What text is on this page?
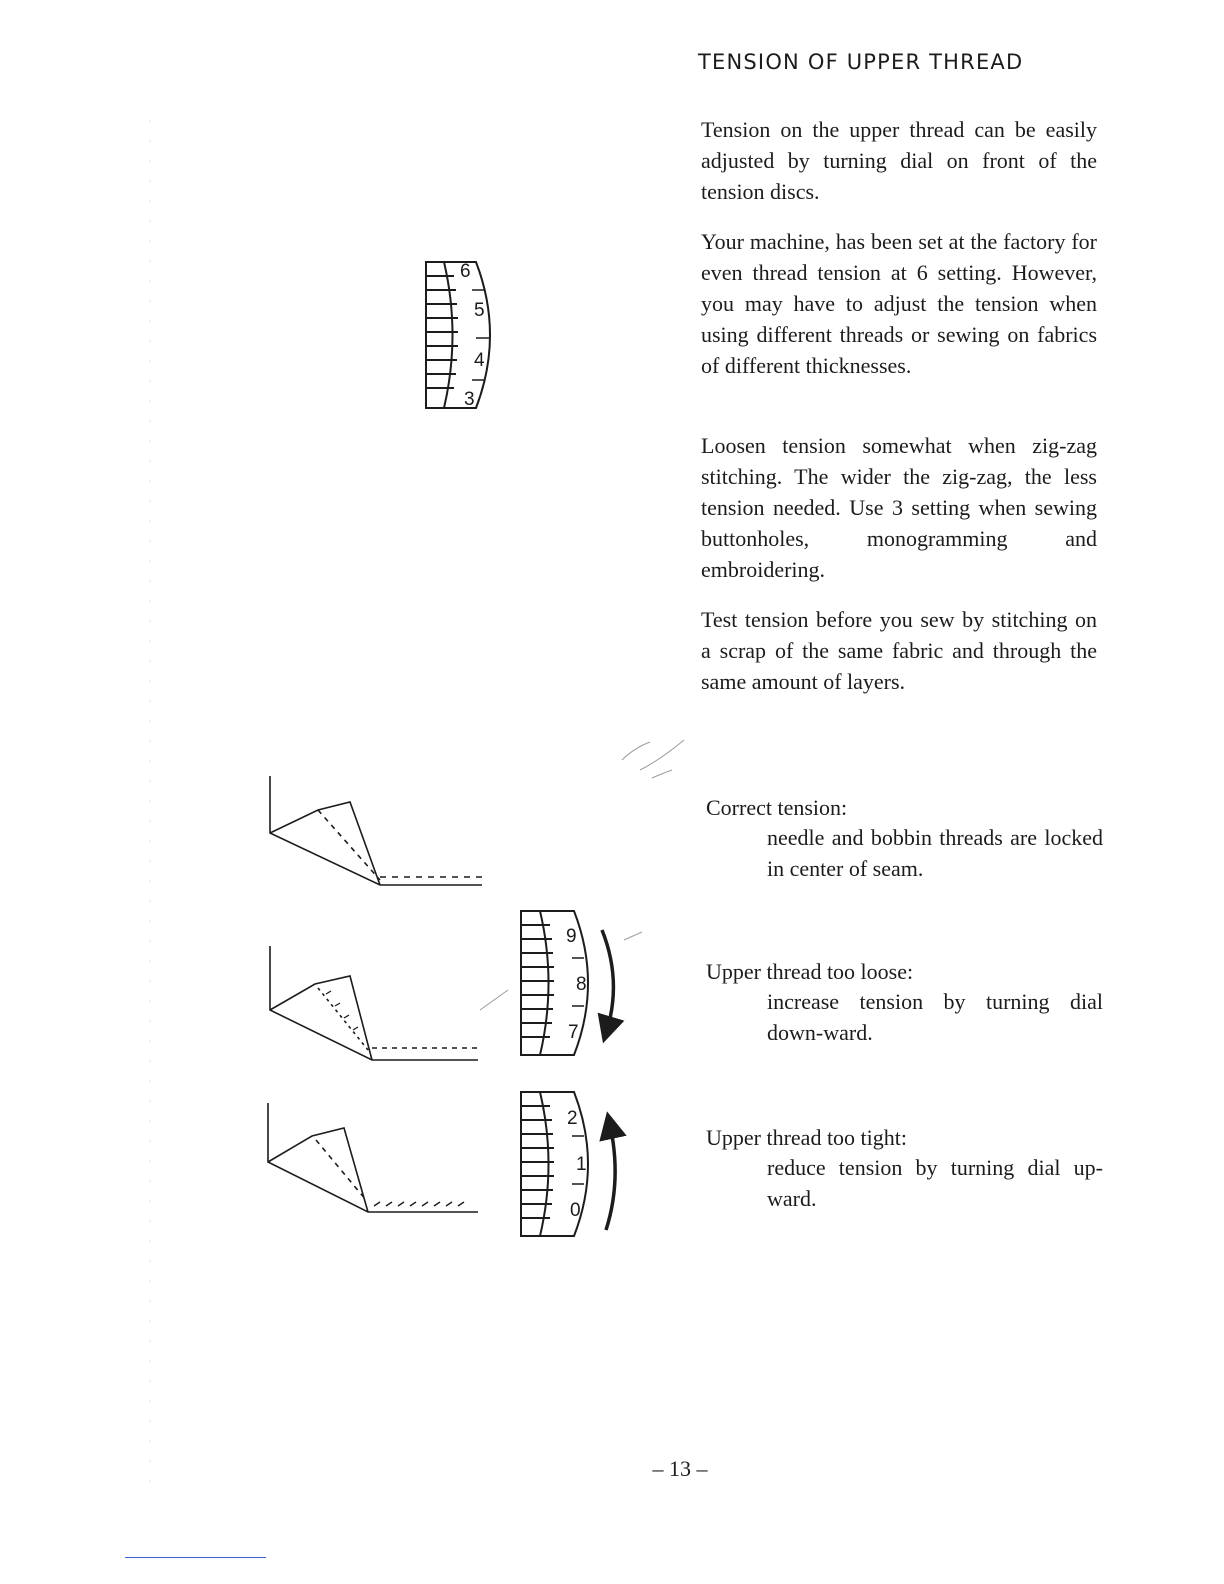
TENSION OF UPPER THREAD

Tension on the upper thread can be easily adjusted by turning dial on front of the tension discs.

Your machine, has been set at the factory for even thread tension at 6 setting. However, you may have to adjust the tension when using different threads or sewing on fabrics of different thicknesses.

Loosen tension somewhat when zig-zag stitching. The wider the zig-zag, the less tension needed. Use 3 setting when sewing buttonholes, monogramming and embroidering.

Test tension before you sew by stitching on a scrap of the same fabric and through the same amount of layers.

Correct tension:

needle and bobbin threads are locked in center of seam.

Upper thread too loose:

increase tension by turning dial down-ward.

Upper thread too tight:

reduce tension by turning dial up-ward.

– 13 –

6
5
4
3
9
8
7
2
1
0
